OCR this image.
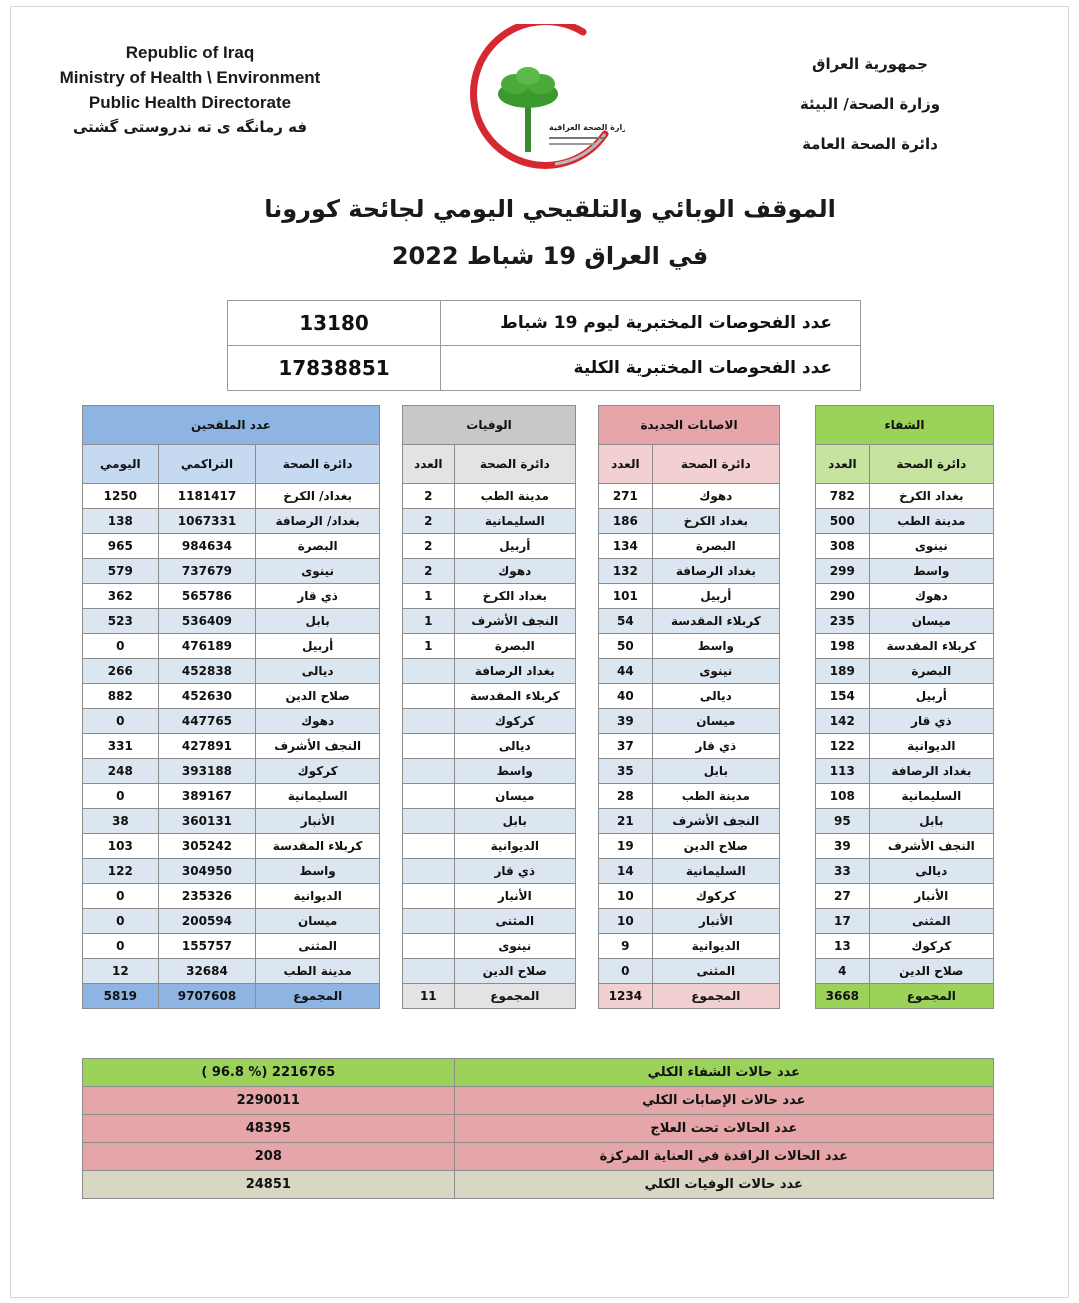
Republic of Iraq
Ministry of Health \ Environment
Public Health Directorate
فه رمانگه ی ته ندروستی گشتی
جمهورية العراق
وزارة الصحة/ البيئة
دائرة الصحة العامة
وزارة الصحة العراقية
الموقف الوبائي والتلقيحي اليومي لجائحة كورونا
في العراق 19 شباط 2022
13180	عدد الفحوصات المختبرية ليوم 19 شباط
17838851	عدد الفحوصات المختبرية الكلية
عدد الملقحين		
اليومي	التراكمي	دائرة الصحة
1250	1181417	بغداد/ الكرخ
138	1067331	بغداد/ الرصافة
965	984634	البصرة
579	737679	نينوى
362	565786	ذي قار
523	536409	بابل
0	476189	أربيل
266	452838	ديالى
882	452630	صلاح الدين
0	447765	دهوك
331	427891	النجف الأشرف
248	393188	كركوك
0	389167	السليمانية
38	360131	الأنبار
103	305242	كربلاء المقدسة
122	304950	واسط
0	235326	الديوانية
0	200594	ميسان
0	155757	المثنى
12	32684	مدينة الطب
5819	9707608	المجموع
الوفيات	
العدد	دائرة الصحة
2	مدينة الطب
2	السليمانية
2	أربيل
2	دهوك
1	بغداد الكرخ
1	النجف الأشرف
1	البصرة
	بغداد الرصافة
	كربلاء المقدسة
	كركوك
	ديالى
	واسط
	ميسان
	بابل
	الديوانية
	ذي قار
	الأنبار
	المثنى
	نينوى
	صلاح الدين
11	المجموع
الاصابات الجديدة	
العدد	دائرة الصحة
271	دهوك
186	بغداد الكرخ
134	البصرة
132	بغداد الرصافة
101	أربيل
54	كربلاء المقدسة
50	واسط
44	نينوى
40	ديالى
39	ميسان
37	ذي قار
35	بابل
28	مدينة الطب
21	النجف الأشرف
19	صلاح الدين
14	السليمانية
10	كركوك
10	الأنبار
9	الديوانية
0	المثنى
1234	المجموع
الشفاء	
العدد	دائرة الصحة
782	بغداد الكرخ
500	مدينة الطب
308	نينوى
299	واسط
290	دهوك
235	ميسان
198	كربلاء المقدسة
189	البصرة
154	أربيل
142	ذي قار
122	الديوانية
113	بغداد الرصافة
108	السليمانية
95	بابل
39	النجف الأشرف
33	ديالى
27	الأنبار
17	المثنى
13	كركوك
4	صلاح الدين
3668	المجموع
( 96.8 %) 2216765	عدد حالات الشفاء الكلي
2290011	عدد حالات الإصابات الكلي
48395	عدد الحالات تحت العلاج
208	عدد الحالات الراقدة في العناية المركزة
24851	عدد حالات الوفيات الكلي
